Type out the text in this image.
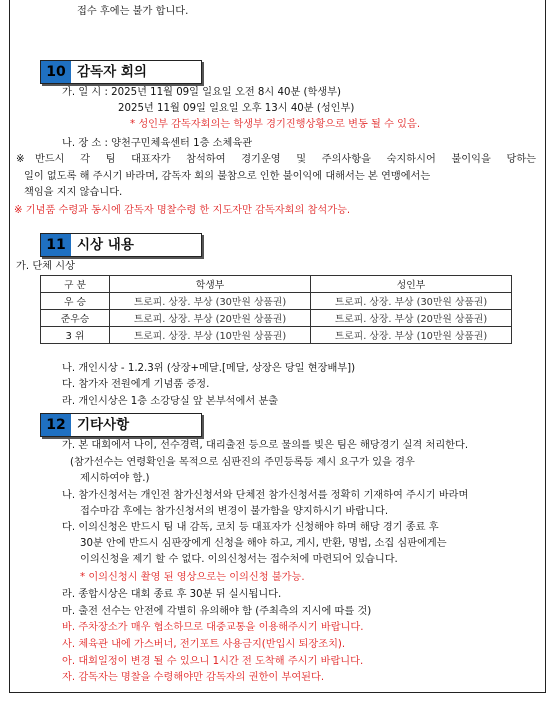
접수 후에는 불가 합니다.
10 감독자 회의
가. 일 시 : 2025년 11월 09일 일요일 오전 8시 40분 (학생부)
2025년 11월 09일 일요일 오후 13시 40분 (성인부)
* 성인부 감독자회의는 학생부 경기진행상황으로 변동 될 수 있음.
나. 장 소 : 양천구민체육센터 1층 소체육관
※반드시 각 팀 대표자가 참석하여 경기운영 및 주의사항을 숙지하시어 불이익을 당하는
일이 없도록 해 주시기 바라며, 감독자 회의 불참으로 인한 불이익에 대해서는 본 연맹에서는
책임을 지지 않습니다.
※ 기념품 수령과 동시에 감독자 명찰수령 한 지도자만 감독자회의 참석가능.
11 시상 내용
가. 단체 시상
구 분	학생부	성인부
우 승	트로피. 상장. 부상 (30만원 상품권)	트로피. 상장. 부상 (30만원 상품권)
준우승	트로피. 상장. 부상 (20만원 상품권)	트로피. 상장. 부상 (20만원 상품권)
3 위	트로피. 상장. 부상 (10만원 상품권)	트로피. 상장. 부상 (10만원 상품권)
나. 개인시상 - 1.2.3위 (상장+메달.[메달, 상장은 당일 현장배부])
다. 참가자 전원에게 기념품 증정.
라. 개인시상은 1층 소강당실 앞 본부석에서 분출
12 기타사항
가. 본 대회에서 나이, 선수경력, 대리출전 등으로 물의를 빚은 팀은 해당경기 실격 처리한다.
(참가선수는 연령확인을 목적으로 심판진의 주민등록등 제시 요구가 있을 경우
제시하여야 함.)
나. 참가신청서는 개인전 참가신청서와 단체전 참가신청서를 정확히 기재하여 주시기 바라며
접수마감 후에는 참가신청서의 변경이 불가함을 양지하시기 바랍니다.
다. 이의신청은 반드시 팀 내 감독, 코치 등 대표자가 신청해야 하며 해당 경기 종료 후
30분 안에 반드시 심판장에게 신청을 해야 하고, 게시, 반환, 명법, 소집 심판에게는
이의신청을 제기 할 수 없다. 이의신청서는 접수처에 마련되어 있습니다.
* 이의신청시 촬영 된 영상으로는 이의신청 불가능.
라. 종합시상은 대회 종료 후 30분 뒤 실시됩니다.
마. 출전 선수는 안전에 각별히 유의해야 함 (주최측의 지시에 따를 것)
바. 주차장소가 매우 협소하므로 대중교통을 이용해주시기 바랍니다.
사. 체육관 내에 가스버너, 전기포트 사용금지(반입시 퇴장조치).
아. 대회일정이 변경 될 수 있으니 1시간 전 도착해 주시기 바랍니다.
자. 감독자는 명찰을 수령해야만 감독자의 권한이 부여된다.
